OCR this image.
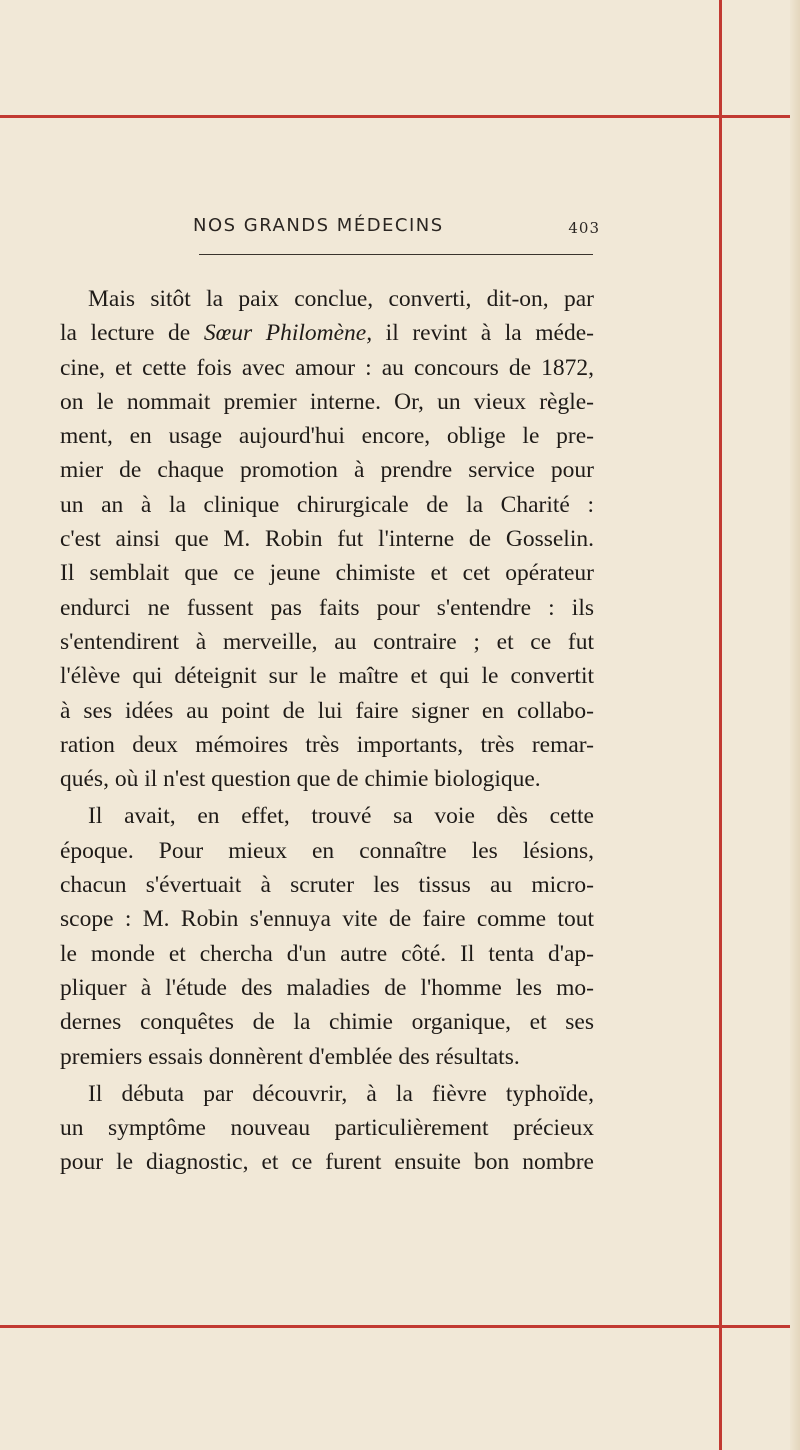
NOS GRANDS MÉDECINS	403
Mais sitôt la paix conclue, converti, dit-on, par
la lecture de Sœur Philomène, il revint à la méde-
cine, et cette fois avec amour : au concours de 1872,
on le nommait premier interne. Or, un vieux règle-
ment, en usage aujourd'hui encore, oblige le pre-
mier de chaque promotion à prendre service pour
un an à la clinique chirurgicale de la Charité :
c'est ainsi que M. Robin fut l'interne de Gosselin.
Il semblait que ce jeune chimiste et cet opérateur
endurci ne fussent pas faits pour s'entendre : ils
s'entendirent à merveille, au contraire ; et ce fut
l'élève qui déteignit sur le maître et qui le convertit
à ses idées au point de lui faire signer en collabo-
ration deux mémoires très importants, très remar-
qués, où il n'est question que de chimie biologique.
Il avait, en effet, trouvé sa voie dès cette
époque. Pour mieux en connaître les lésions,
chacun s'évertuait à scruter les tissus au micro-
scope : M. Robin s'ennuya vite de faire comme tout
le monde et chercha d'un autre côté. Il tenta d'ap-
pliquer à l'étude des maladies de l'homme les mo-
dernes conquêtes de la chimie organique, et ses
premiers essais donnèrent d'emblée des résultats.
Il débuta par découvrir, à la fièvre typhoïde,
un symptôme nouveau particulièrement précieux
pour le diagnostic, et ce furent ensuite bon nombre
